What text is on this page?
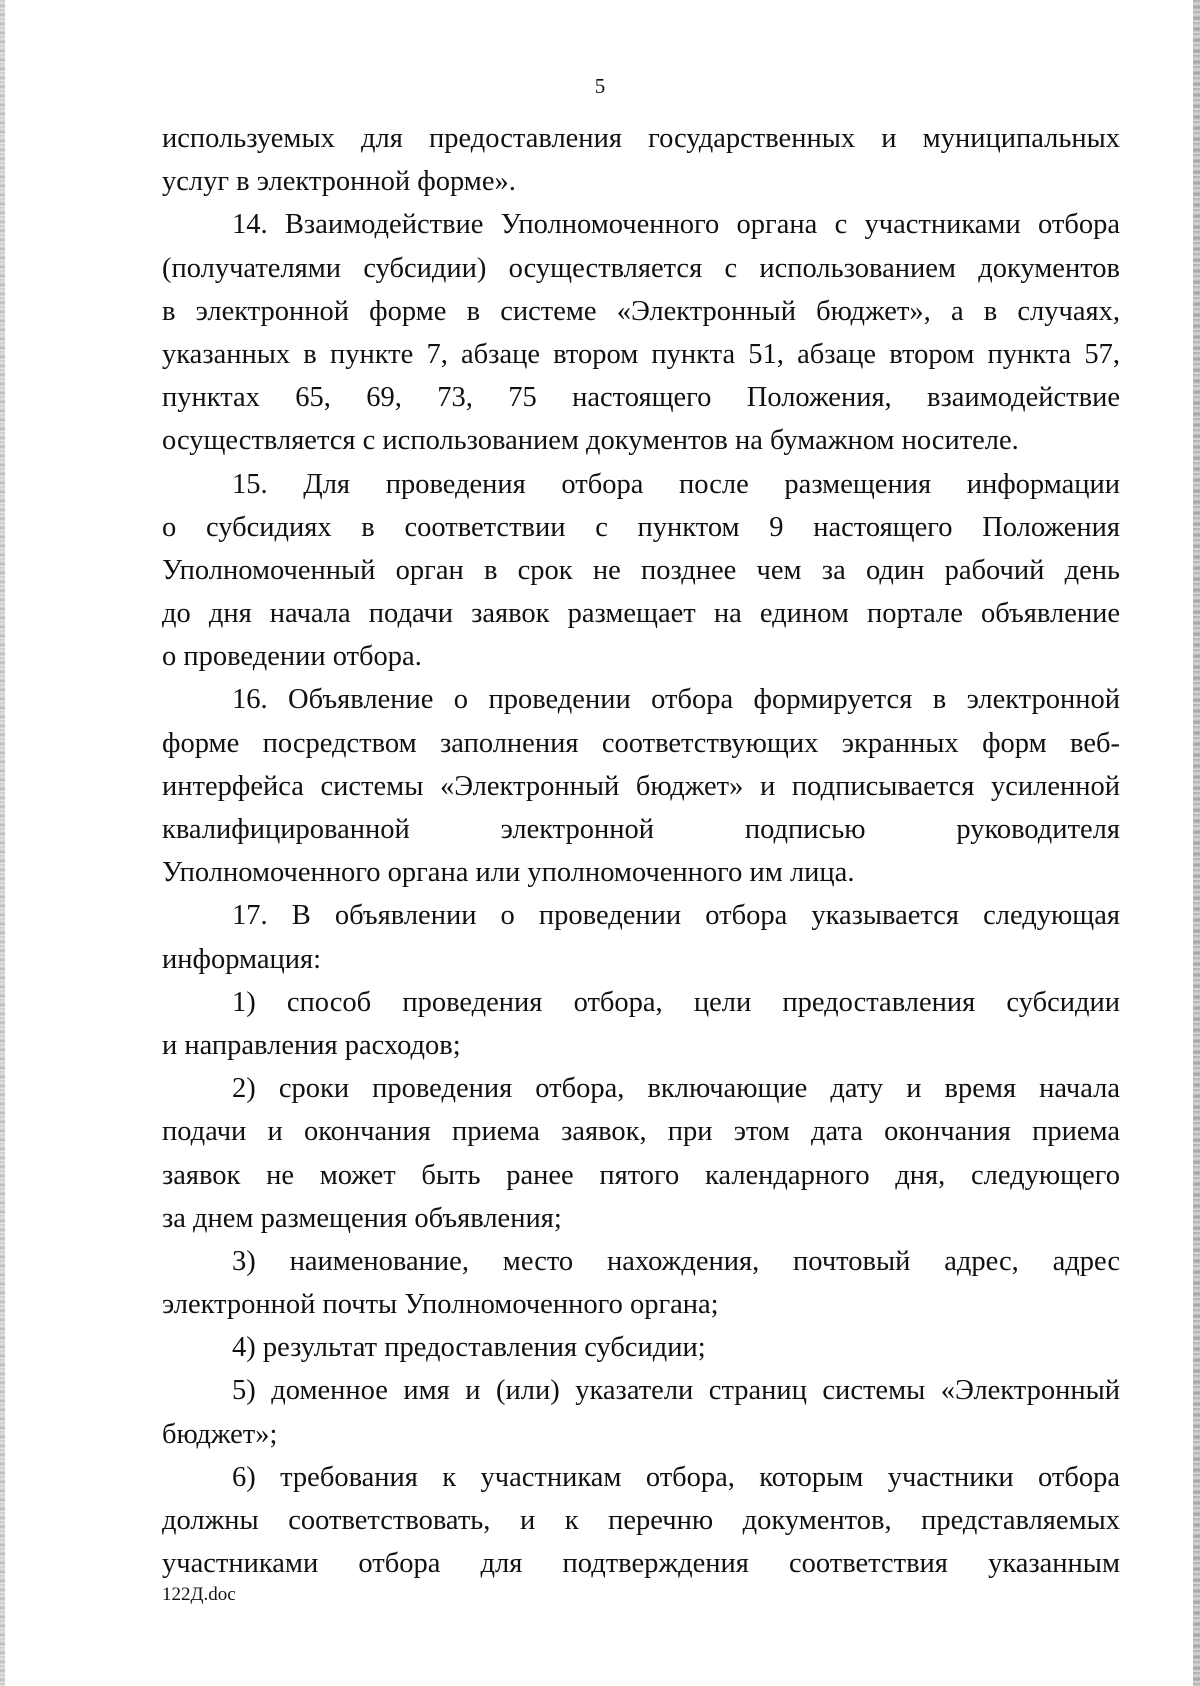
5
используемых для предоставления государственных и муниципальных
услуг в электронной форме».
14. Взаимодействие Уполномоченного органа с участниками отбора
(получателями субсидии) осуществляется с использованием документов
в электронной форме в системе «Электронный бюджет», а в случаях,
указанных в пункте 7, абзаце втором пункта 51, абзаце втором пункта 57,
пунктах 65, 69, 73, 75 настоящего Положения, взаимодействие
осуществляется с использованием документов на бумажном носителе.
15. Для проведения отбора после размещения информации
о субсидиях в соответствии с пунктом 9 настоящего Положения
Уполномоченный орган в срок не позднее чем за один рабочий день
до дня начала подачи заявок размещает на едином портале объявление
о проведении отбора.
16. Объявление о проведении отбора формируется в электронной
форме посредством заполнения соответствующих экранных форм веб-
интерфейса системы «Электронный бюджет» и подписывается усиленной
квалифицированной электронной подписью руководителя
Уполномоченного органа или уполномоченного им лица.
17. В объявлении о проведении отбора указывается следующая
информация:
1) способ проведения отбора, цели предоставления субсидии
и направления расходов;
2) сроки проведения отбора, включающие дату и время начала
подачи и окончания приема заявок, при этом дата окончания приема
заявок не может быть ранее пятого календарного дня, следующего
за днем размещения объявления;
3) наименование, место нахождения, почтовый адрес, адрес
электронной почты Уполномоченного органа;
4) результат предоставления субсидии;
5) доменное имя и (или) указатели страниц системы «Электронный
бюджет»;
6) требования к участникам отбора, которым участники отбора
должны соответствовать, и к перечню документов, представляемых
участниками отбора для подтверждения соответствия указанным
122Д.doc
